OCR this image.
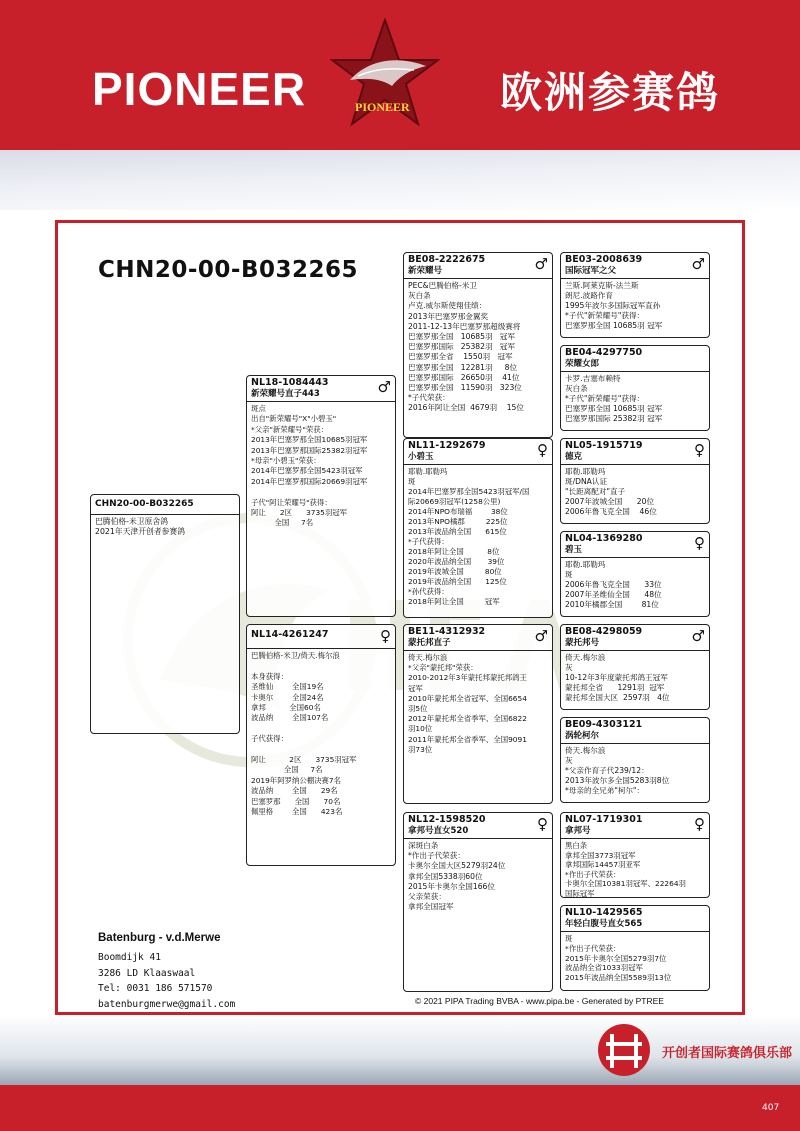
PIONEER	PIONEER 欧洲参赛鸽
CHN20-00-B032265
CHN20-00-B032265
巴腾伯格-米卫原舍鸽
2021年天津开创者参赛鸽
NL18-1084443
新荣耀号直子443	♂
斑点
出自"新荣耀号"X"小碧玉"
*父亲"新荣耀号"荣获：
2013年巴塞罗那全国10685羽冠军
2013年巴塞罗那国际25382羽冠军
*母亲"小碧玉"荣获：
2014年巴塞罗那全国5423羽冠军
2014年巴塞罗那国际20669羽冠军

子代"阿让荣耀号"获得：
阿让      2区      3735羽冠军
全国     7名
NL14-4261247	♀
巴腾伯格-米卫/倚天.梅尔浪

本身获得：
圣维仙        全国19名
卡奥尔        全国24名
拿邦          全国60名
波品纳        全国107名

子代获得：

阿让          2区      3735羽冠军
全国     7名
2019年阿罗纳公棚决赛7名
波品纳        全国      29名
巴塞罗那      全国      70名
佩里格        全国      423名
BE08-2222675
新荣耀号	♂
PEC&巴腾伯格-米卫
灰白条
卢克.威尔斯使翔佳绩：
2013年巴塞罗那金翼奖
2011-12-13年巴塞罗那超级赛将
巴塞罗那全国   10685羽   冠军
巴塞罗那国际   25382羽   冠军
巴塞罗那全省    1550羽   冠军
巴塞罗那全国   12281羽     8位
巴塞罗那国际   26650羽    41位
巴塞罗那全国   11590羽   323位
*子代荣获：
2016年阿让全国  4679羽    15位
NL11-1292679
小碧玉	♀
耶勒.耶勒玛
斑
2014年巴塞罗那全国5423羽冠军/国
际20669羽冠军(1258公里)
2014年NPO布瑞福        38位
2013年NPO橘郡         225位
2013年波品纳全国      615位
*子代获得：
2018年阿让全国          8位
2020年波品纳全国       39位
2019年波城全国         80位
2019年波品纳全国      125位
*孙代获得：
2018年阿让全国         冠军
BE11-4312932
蒙托邦直子	♂
倚天.梅尔浪
*父亲"蒙托邦"荣获：
2010-2012年3年蒙托邦蒙托邦鸽王
冠军
2010年蒙托邦全省冠军、全国6654
羽5位
2012年蒙托邦全省季军、全国6822
羽10位
2011年蒙托邦全省季军、全国9091
羽73位
NL12-1598520
拿邦号直女520	♀
深斑白条
*作出子代荣获：
卡奥尔全国大区5279羽24位
拿邦全国5338羽60位
2015年卡奥尔全国166位
父亲荣获：
拿邦全国冠军
BE03-2008639
国际冠军之父	♂
兰斯.阿莱克斯-法兰斯
朗尼.波路作育
1995年波尔多国际冠军直孙
*子代"新荣耀号"获得：
巴塞罗那全国 10685羽 冠军
BE04-4297750
荣耀女郎
卡罗.吉塞布赖特
灰白条
*子代"新荣耀号"获得：
巴塞罗那全国 10685羽 冠军
巴塞罗那国际 25382羽 冠军
NL05-1915719
德克	♀
耶勒.耶勒玛
斑/DNA认证
"长距离配对"直子
2007年波城全国      20位
2006年鲁飞克全国    46位
NL04-1369280
碧玉	♀
耶勒.耶勒玛
斑
2006年鲁飞克全国      33位
2007年圣维仙全国      48位
2010年橘郡全国        81位
BE08-4298059
蒙托邦号	♂
倚天.梅尔浪
灰
10-12年3年度蒙托邦鸽王冠军
蒙托邦全省      1291羽  冠军
蒙托邦全国大区  2597羽   4位
BE09-4303121
涡轮柯尔
倚天.梅尔浪
灰
*父亲作育子代239/12：
2013年波尔多全国5283羽8位
*母亲的全兄弟"柯尔"：
NL07-1719301
拿邦号	♀
黑白条
拿邦全国3773羽冠军
拿邦国际14457羽亚军
*作出子代荣获：
卡奥尔全国10381羽冠军、22264羽
国际冠军
NL10-1429565
年轻白腹号直女565
斑
*作出子代荣获：
2015年卡奥尔全国5279羽7位
波品纳全省1033羽冠军
2015年波品纳全国5589羽13位
Batenburg - v.d.Merwe
Boomdijk 41
3286 LD Klaaswaal
Tel: 0031 186 571570
batenburgmerwe@gmail.com	© 2021 PIPA Trading BVBA - www.pipa.be - Generated by PTREE
开创者国际赛鸽俱乐部
407
